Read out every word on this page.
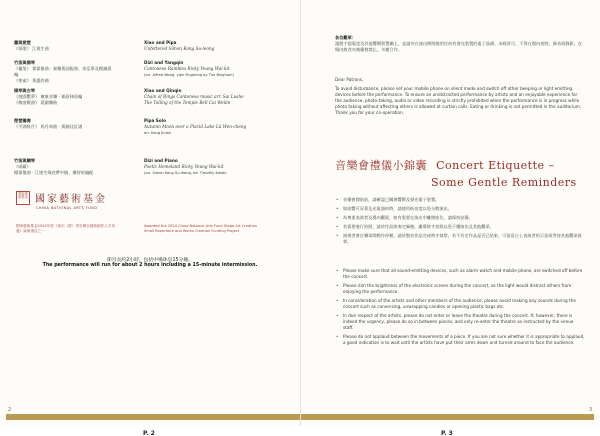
蕭與琵琶
《頌歌》 江建生曲
Xiao and Pipa
Unfettered Simon Kong Su-leong
竹笛與揚琴
《龜兔》 翟偉雄曲 · 秦樂著詞配曲、余亞華及楊錦謨編
《寒雀》 黃惠鈞曲
Dizi and Yangqin
Cantonese Rambles Ricky Yeung Wai-kit
(arr. Alfred Wong, yqin Fingering by Tim Bingham)
揚琴與古琴
《遊園驚夢》 廣東音樂 · 崔蔚林再編
《梅窯戲曲》 葛錦樂曲
Xiao and Qinqin
Chain of Rings Cantonese music arr. Sai Lushe
The Tolling of the Temple Bell Cai Weilin
琵琶獨奏
《平湖秋月》 馬丹周曲 · 黃錦佳訂譜
Pipa Solo
Autumn Moon over a Placid Lake Lü Wen-cheng
arr. Kang Jinlan
竹笛與鋼琴
《頌藏》
楊偉傑曲 · 江建生與欣帶中稿、樂智裕編配
Dizi and Piano
Poetic Homeland Ricky Yeung Wai-kit
(arr. Simon Kong Su-leong, ed. Timothy Kwok)
國家藝術基金 國家藝術基金
CHINA NATIONAL ARTS FUND
國家藝術基金2024年度《演宗（群）青年舞台藝術創作人才培養》資助項目之一
Awarded the 2024 China National Arts Fund Stage Art Creation Small Repertoire and Works Creation Funding Project
節目長約2小時，包括中場休息15分鐘。
The performance will run for about 2 hours including a 15-minute intermission.
2
各位觀眾：
請將手提電話及其他響鬧裝置關上，並請勿在演出期間使用任何有發光裝置的電子設備。未經許可，不得在場內拍照、錄音或錄影。在場內飲食亦被嚴格禁止。多謝合作。
Dear Patrons,
To avoid disturbance, please set your mobile phone on silent mode and switch off other beeping or light emitting devices before the performance. To ensure an undistracted performance by artists and an enjoyable experience for the audience, photo-taking, audio or video recording is strictly prohibited when the performance is in progress while photo taking without affecting others is allowed at curtain calls. Eating or drinking is not permitted in the auditorium. Thank you for your co-operation.
音樂會禮儀小錦囊 Concert Etiquette –
Some Gentle Reminders
• 音樂會開始前，請確認已關掉響鬧及發光電子裝置。
• 如欲響可穿著及光電器材時，請使用低亮度以免分散演出。
• 為尊重表演者及場內觀眾，如有需要在演出中離開座位，請保持安靜。
• 若需要進行拍照，請於作品演奏完畢後，謝幕時才拍照以免干擾演出及其他觀眾。
• 演奏者會在樂章間稍作停頓，請於整首作品完成時才鼓掌。若不肯定作品是否已結束，可留意台上表演者的示意或等待其他觀眾鼓掌。
• Please make sure that all sound-emitting devices, such as alarm watch and mobile phone, are switched off before the concert.
• Please dim the brightness of the electronic screen during the concert, as the light would distract others from enjoying the performance.
• In consideration of the artists and other members of the audience, please avoid making any sounds during the concert such as conversing, unwrapping candies or opening plastic bags etc.
• In due respect of the artists, please do not enter or leave the theatre during the concert. If, however, there is indeed the urgency, please do so in between pieces, and only re-enter the theatre as instructed by the venue staff.
• Please do not applaud between the movements of a piece. If you are not sure whether it is appropriate to applaud, a good indication is to wait until the artists have put their arms down and turned around to face the audience.
3
P. 2	P. 3
